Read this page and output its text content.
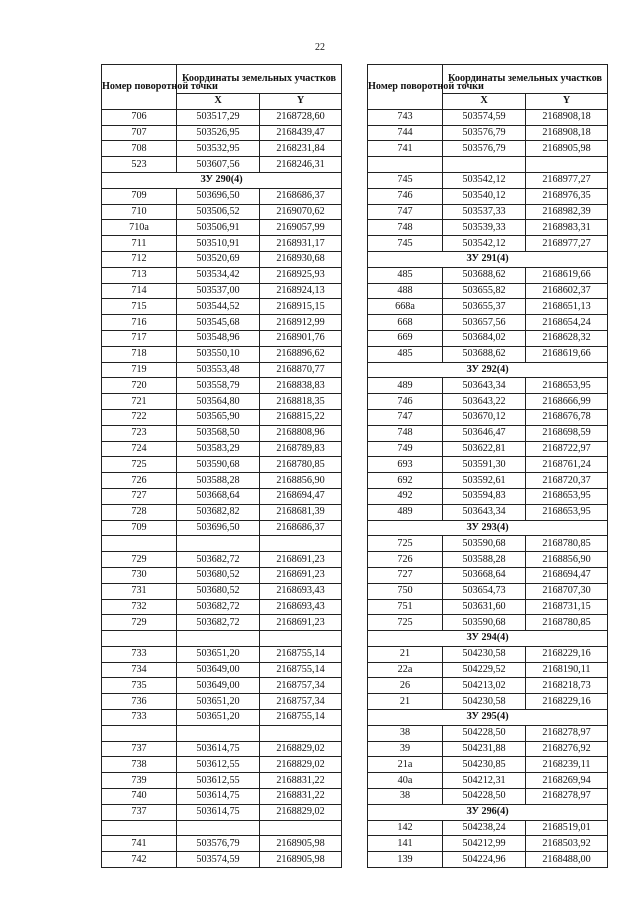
22
Номер поворотной точки	Координаты земельных участков	
	X	Y
706	503517,29	2168728,60
707	503526,95	2168439,47
708	503532,95	2168231,84
523	503607,56	2168246,31
ЗУ 290(4)		
709	503696,50	2168686,37
710	503506,52	2169070,62
710а	503506,91	2169057,99
711	503510,91	2168931,17
712	503520,69	2168930,68
713	503534,42	2168925,93
714	503537,00	2168924,13
715	503544,52	2168915,15
716	503545,68	2168912,99
717	503548,96	2168901,76
718	503550,10	2168896,62
719	503553,48	2168870,77
720	503558,79	2168838,83
721	503564,80	2168818,35
722	503565,90	2168815,22
723	503568,50	2168808,96
724	503583,29	2168789,83
725	503590,68	2168780,85
726	503588,28	2168856,90
727	503668,64	2168694,47
728	503682,82	2168681,39
709	503696,50	2168686,37

729	503682,72	2168691,23
730	503680,52	2168691,23
731	503680,52	2168693,43
732	503682,72	2168693,43
729	503682,72	2168691,23

733	503651,20	2168755,14
734	503649,00	2168755,14
735	503649,00	2168757,34
736	503651,20	2168757,34
733	503651,20	2168755,14

737	503614,75	2168829,02
738	503612,55	2168829,02
739	503612,55	2168831,22
740	503614,75	2168831,22
737	503614,75	2168829,02

741	503576,79	2168905,98
742	503574,59	2168905,98
Номер поворотной точки	Координаты земельных участков	
	X	Y
743	503574,59	2168908,18
744	503576,79	2168908,18
741	503576,79	2168905,98

745	503542,12	2168977,27
746	503540,12	2168976,35
747	503537,33	2168982,39
748	503539,33	2168983,31
745	503542,12	2168977,27
ЗУ 291(4)		
485	503688,62	2168619,66
488	503655,82	2168602,37
668а	503655,37	2168651,13
668	503657,56	2168654,24
669	503684,02	2168628,32
485	503688,62	2168619,66
ЗУ 292(4)		
489	503643,34	2168653,95
746	503643,22	2168666,99
747	503670,12	2168676,78
748	503646,47	2168698,59
749	503622,81	2168722,97
693	503591,30	2168761,24
692	503592,61	2168720,37
492	503594,83	2168653,95
489	503643,34	2168653,95
ЗУ 293(4)		
725	503590,68	2168780,85
726	503588,28	2168856,90
727	503668,64	2168694,47
750	503654,73	2168707,30
751	503631,60	2168731,15
725	503590,68	2168780,85
ЗУ 294(4)		
21	504230,58	2168229,16
22а	504229,52	2168190,11
26	504213,02	2168218,73
21	504230,58	2168229,16
ЗУ 295(4)		
38	504228,50	2168278,97
39	504231,88	2168276,92
21а	504230,85	2168239,11
40а	504212,31	2168269,94
38	504228,50	2168278,97
ЗУ 296(4)		
142	504238,24	2168519,01
141	504212,99	2168503,92
139	504224,96	2168488,00
